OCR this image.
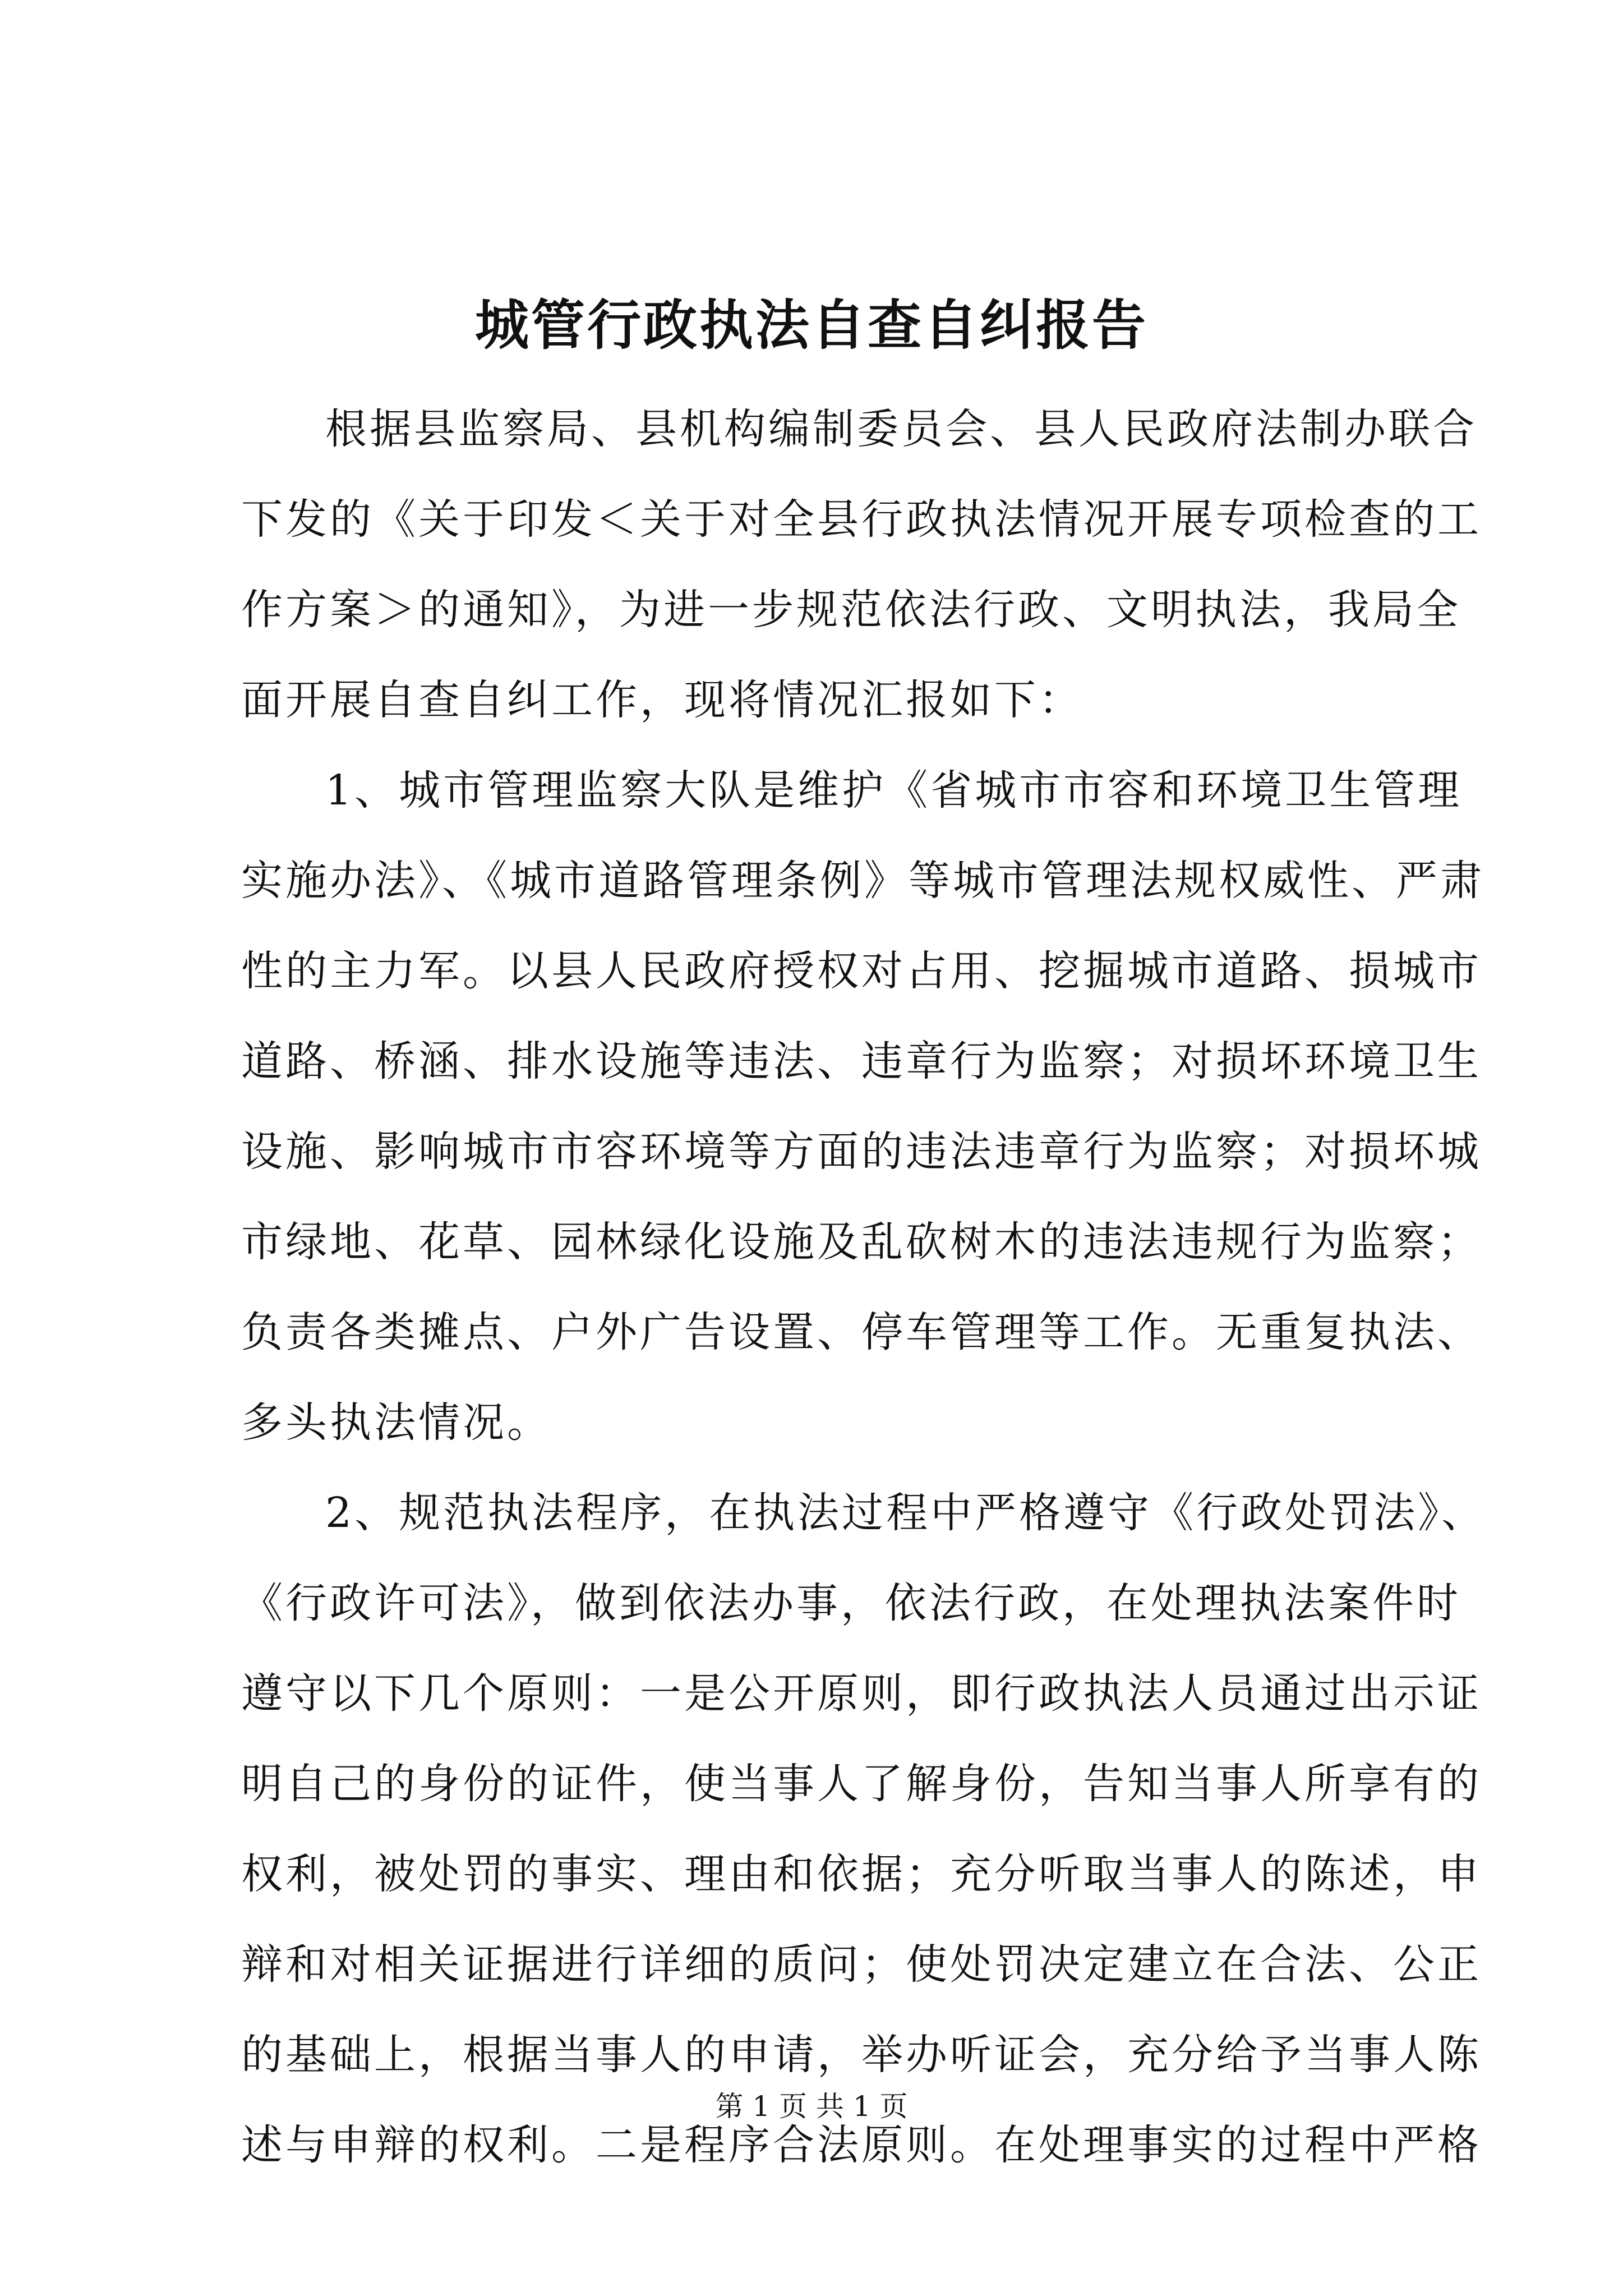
城管行政执法自查自纠报告
根据县监察局、县机构编制委员会、县人民政府法制办联合
下发的《关于印发＜关于对全县行政执法情况开展专项检查的工
作方案＞的通知》，为进一步规范依法行政、文明执法，我局全
面开展自查自纠工作，现将情况汇报如下：
1、城市管理监察大队是维护《省城市市容和环境卫生管理
实施办法》、《城市道路管理条例》等城市管理法规权威性、严肃
性的主力军。以县人民政府授权对占用、挖掘城市道路、损城市
道路、桥涵、排水设施等违法、违章行为监察；对损坏环境卫生
设施、影响城市市容环境等方面的违法违章行为监察；对损坏城
市绿地、花草、园林绿化设施及乱砍树木的违法违规行为监察；
负责各类摊点、户外广告设置、停车管理等工作。无重复执法、
多头执法情况。
2、规范执法程序，在执法过程中严格遵守《行政处罚法》、
《行政许可法》，做到依法办事，依法行政，在处理执法案件时
遵守以下几个原则：一是公开原则，即行政执法人员通过出示证
明自己的身份的证件，使当事人了解身份，告知当事人所享有的
权利，被处罚的事实、理由和依据；充分听取当事人的陈述，申
辩和对相关证据进行详细的质问；使处罚决定建立在合法、公正
的基础上，根据当事人的申请，举办听证会，充分给予当事人陈
述与申辩的权利。二是程序合法原则。在处理事实的过程中严格
第 1 页 共 1 页
